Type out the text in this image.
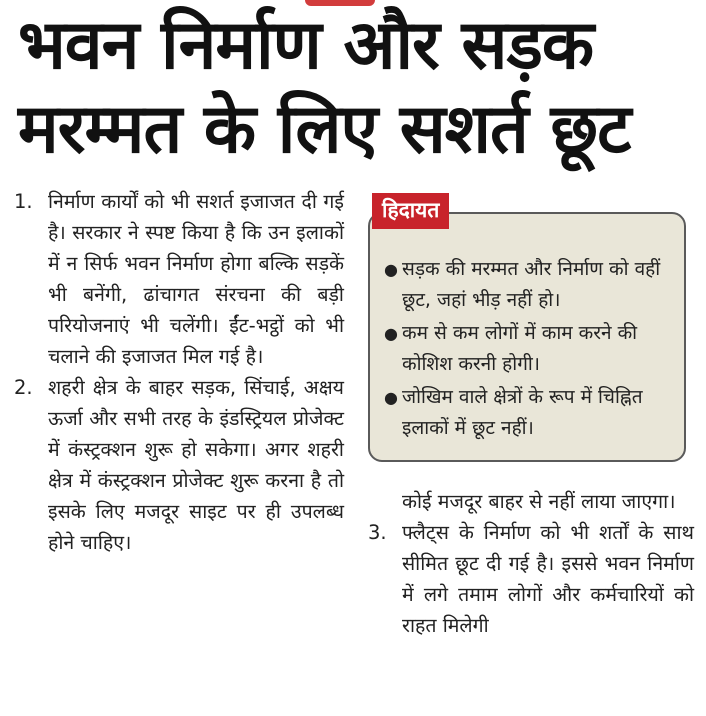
भवन निर्माण और सड़क
मरम्मत के लिए सशर्त छूट
1. निर्माण कार्यों को भी सशर्त इजाजत दी गई है। सरकार ने स्पष्ट किया है कि उन इलाकों में न सिर्फ भवन निर्माण होगा बल्कि सड़कें भी बनेंगी, ढांचागत संरचना की बड़ी परियोजनाएं भी चलेंगी। ईंट-भट्ठों को भी चलाने की इजाजत मिल गई है।
2. शहरी क्षेत्र के बाहर सड़क, सिंचाई, अक्षय ऊर्जा और सभी तरह के इंडस्ट्रियल प्रोजेक्ट में कंस्ट्रक्शन शुरू हो सकेगा। अगर शहरी क्षेत्र में कंस्ट्रक्शन प्रोजेक्ट शुरू करना है तो इसके लिए मजदूर साइट पर ही उपलब्ध होने चाहिए।
● सड़क की मरम्मत और निर्माण को वहीं छूट, जहां भीड़ नहीं हो।
● कम से कम लोगों में काम करने की कोशिश करनी होगी।
● जोखिम वाले क्षेत्रों के रूप में चिह्नित इलाकों में छूट नहीं।
हिदायत
कोई मजदूर बाहर से नहीं लाया जाएगा।
3. फ्लैट्स के निर्माण को भी शर्तों के साथ सीमित छूट दी गई है। इससे भवन निर्माण में लगे तमाम लोगों और कर्मचारियों को राहत मिलेगी
